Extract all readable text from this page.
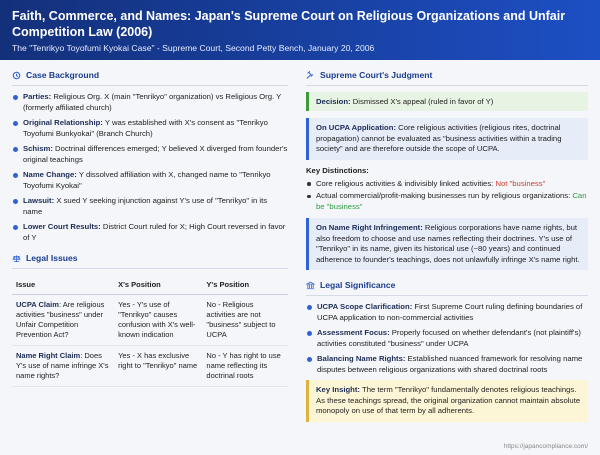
Faith, Commerce, and Names: Japan's Supreme Court on Religious Organizations and Unfair Competition Law (2006)
The "Tenrikyo Toyofumi Kyokai Case" - Supreme Court, Second Petty Bench, January 20, 2006
Case Background
Parties: Religious Org. X (main "Tenrikyo" organization) vs Religious Org. Y (formerly affiliated church)
Original Relationship: Y was established with X's consent as "Tenrikyo Toyofumi Bunkyokai" (Branch Church)
Schism: Doctrinal differences emerged; Y believed X diverged from founder's original teachings
Name Change: Y dissolved affiliation with X, changed name to "Tenrikyo Toyofumi Kyokai"
Lawsuit: X sued Y seeking injunction against Y's use of "Tenrikyo" in its name
Lower Court Results: District Court ruled for X; High Court reversed in favor of Y
Legal Issues
Issue	X's Position	Y's Position
UCPA Claim: Are religious activities "business" under Unfair Competition Prevention Act?	Yes - Y's use of "Tenrikyo" causes confusion with X's well-known indication	No - Religious activities are not "business" subject to UCPA
Name Right Claim: Does Y's use of name infringe X's name rights?	Yes - X has exclusive right to "Tenrikyo" name	No - Y has right to use name reflecting its doctrinal roots
Supreme Court's Judgment
Decision: Dismissed X's appeal (ruled in favor of Y)
On UCPA Application: Core religious activities (religious rites, doctrinal propagation) cannot be evaluated as "business activities within a trading society" and are therefore outside the scope of UCPA.
Key Distinctions:
Core religious activities & indivisibly linked activities: Not "business"
Actual commercial/profit-making businesses run by religious organizations: Can be "business"
On Name Right Infringement: Religious corporations have name rights, but also freedom to choose and use names reflecting their doctrines. Y's use of "Tenrikyo" in its name, given its historical use (~80 years) and continued adherence to founder's teachings, does not unlawfully infringe X's name right.
Legal Significance
UCPA Scope Clarification: First Supreme Court ruling defining boundaries of UCPA application to non-commercial activities
Assessment Focus: Properly focused on whether defendant's (not plaintiff's) activities constituted "business" under UCPA
Balancing Name Rights: Established nuanced framework for resolving name disputes between religious organizations with shared doctrinal roots
Key Insight: The term "Tenrikyo" fundamentally denotes religious teachings. As these teachings spread, the original organization cannot maintain absolute monopoly on use of that term by all adherents.
https://japancompliance.com/
